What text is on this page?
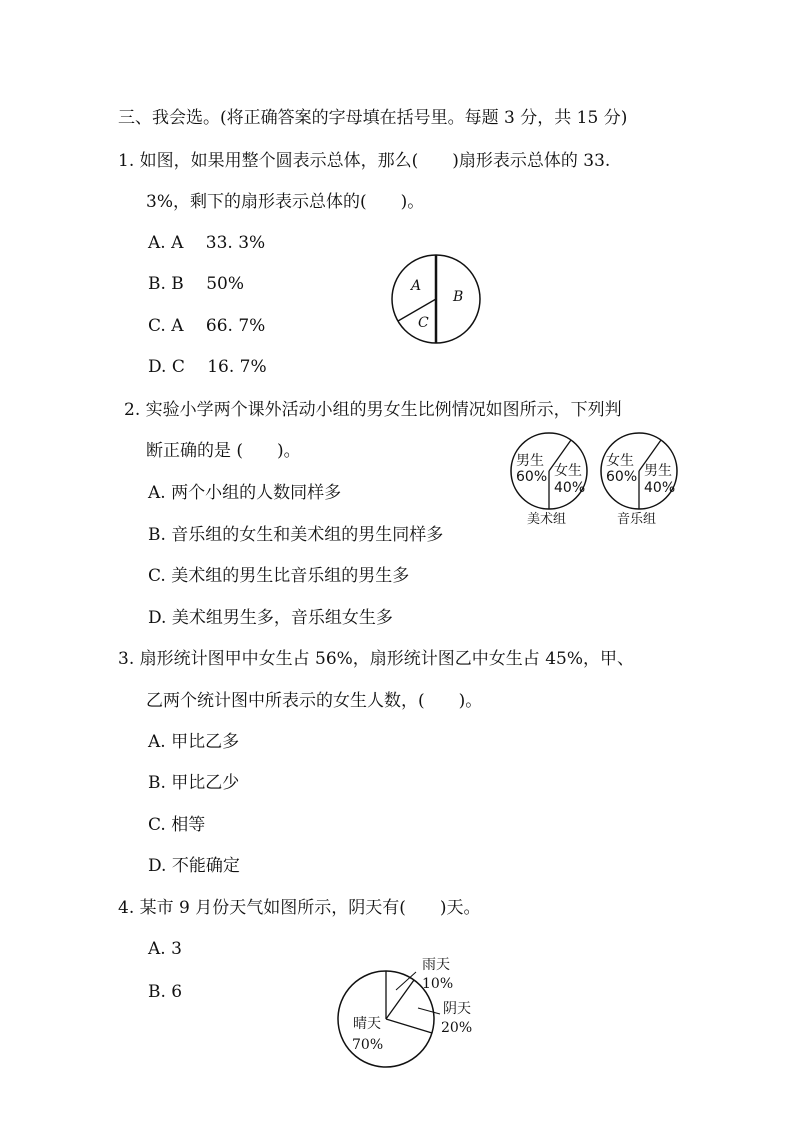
三、我会选。(将正确答案的字母填在括号里。每题 3 分，共 15 分)
1. 如图，如果用整个圆表示总体，那么(　　)扇形表示总体的 33.
3%，剩下的扇形表示总体的(　　)。
A. A　 33. 3%
B. B　 50%
C. A　 66. 7%
D. C　 16. 7%
A
B
C
2. 实验小学两个课外活动小组的男女生比例情况如图所示，下列判
断正确的是 (　　)。
A. 两个小组的人数同样多
B. 音乐组的女生和美术组的男生同样多
C. 美术组的男生比音乐组的男生多
D. 美术组男生多，音乐组女生多
男生
60% 女生
40%
美术组
女生
60% 男生
40%
音乐组
3. 扇形统计图甲中女生占 56%，扇形统计图乙中女生占 45%，甲、
乙两个统计图中所表示的女生人数，(　　)。
A. 甲比乙多
B. 甲比乙少
C. 相等
D. 不能确定
4. 某市 9 月份天气如图所示，阴天有(　　)天。
A. 3
B. 6
雨天
10%
阴天
20%
晴天
70%
